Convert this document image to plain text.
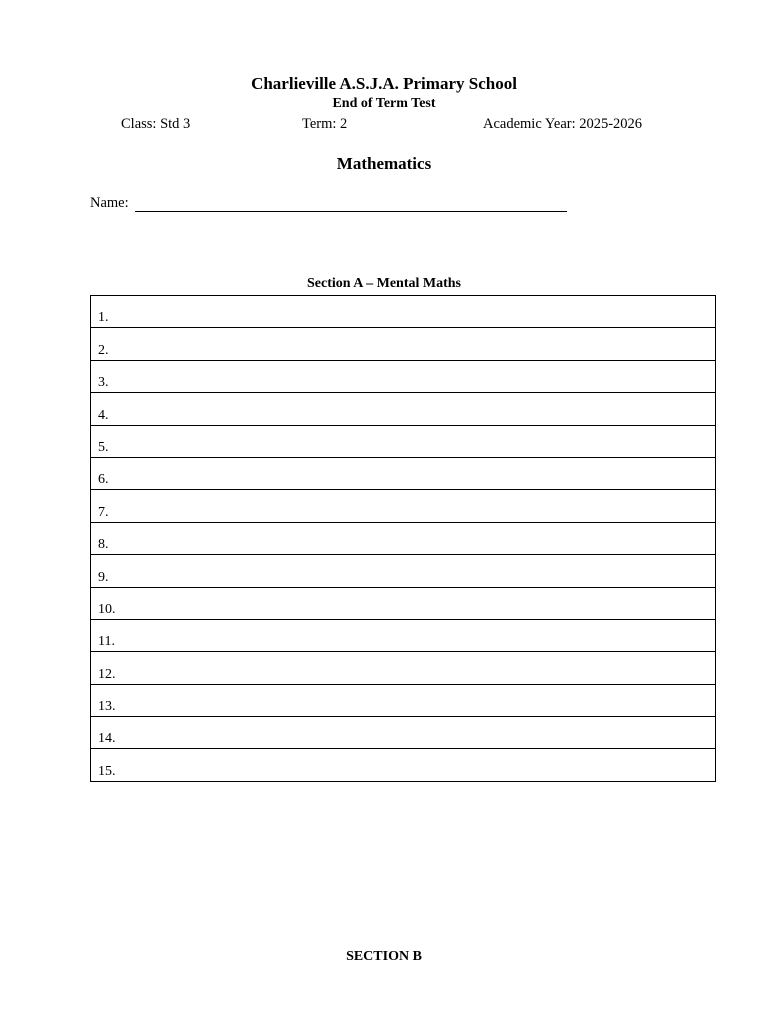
Charlieville A.S.J.A. Primary School
End of Term Test
Class: Std 3	Term: 2	Academic Year: 2025-2026
Mathematics
Name:
Section A – Mental Maths
1.
2.
3.
4.
5.
6.
7.
8.
9.
10.
11.
12.
13.
14.
15.
SECTION B
